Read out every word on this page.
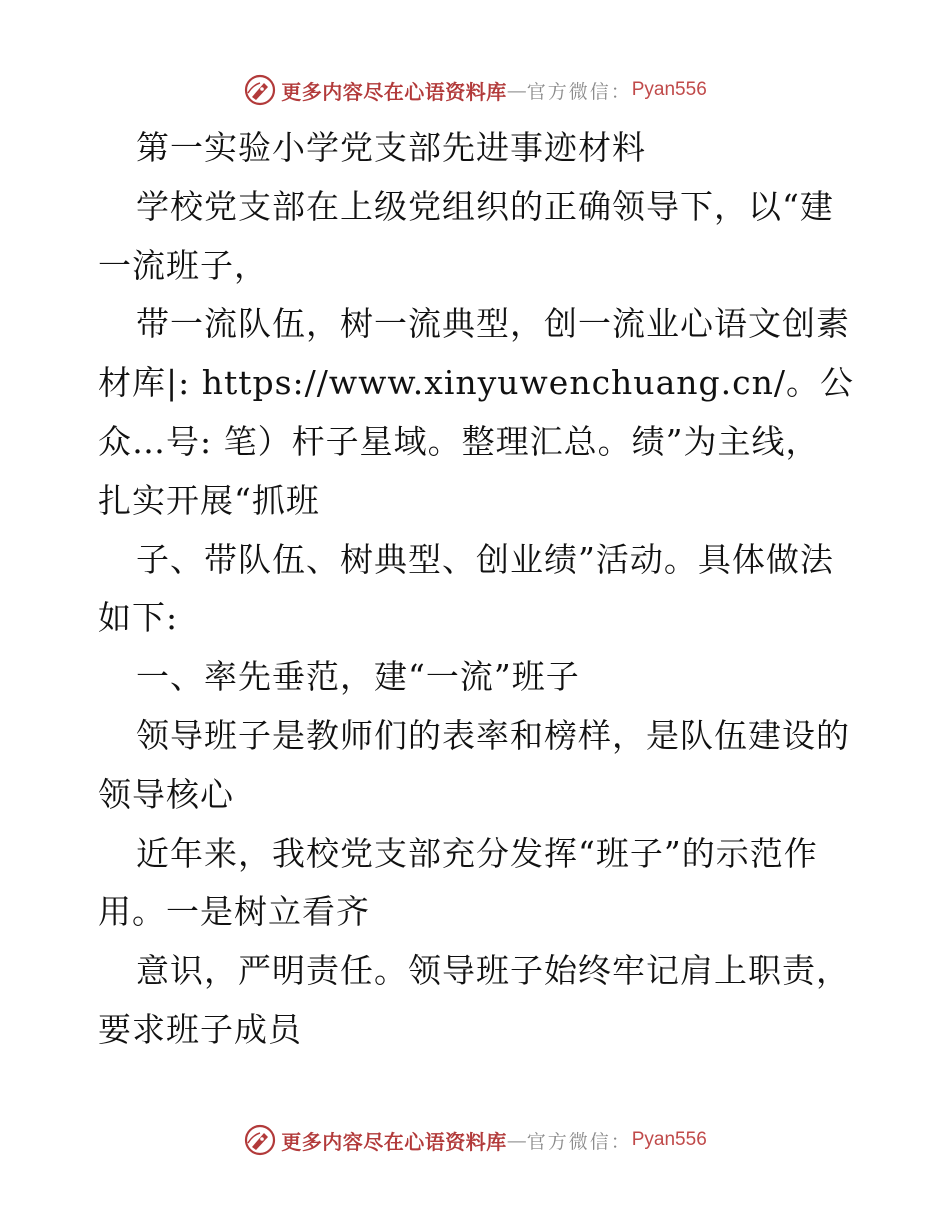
更多内容尽在心语资料库 — 官方微信： Pyan556
第一实验小学党支部先进事迹材料
学校党支部在上级党组织的正确领导下，以“建
一流班子，
带一流队伍，树一流典型，创一流业心语文创素
材库|: https://www.xinyuwenchuang.cn/。公
众…号: 笔）杆子星域。整理汇总。绩”为主线，
扎实开展“抓班
子、带队伍、树典型、创业绩”活动。具体做法
如下:
一、率先垂范，建“一流”班子
领导班子是教师们的表率和榜样，是队伍建设的
领导核心
近年来，我校党支部充分发挥“班子”的示范作
用。一是树立看齐
意识，严明责任。领导班子始终牢记肩上职责，
要求班子成员
更多内容尽在心语资料库 — 官方微信： Pyan556
